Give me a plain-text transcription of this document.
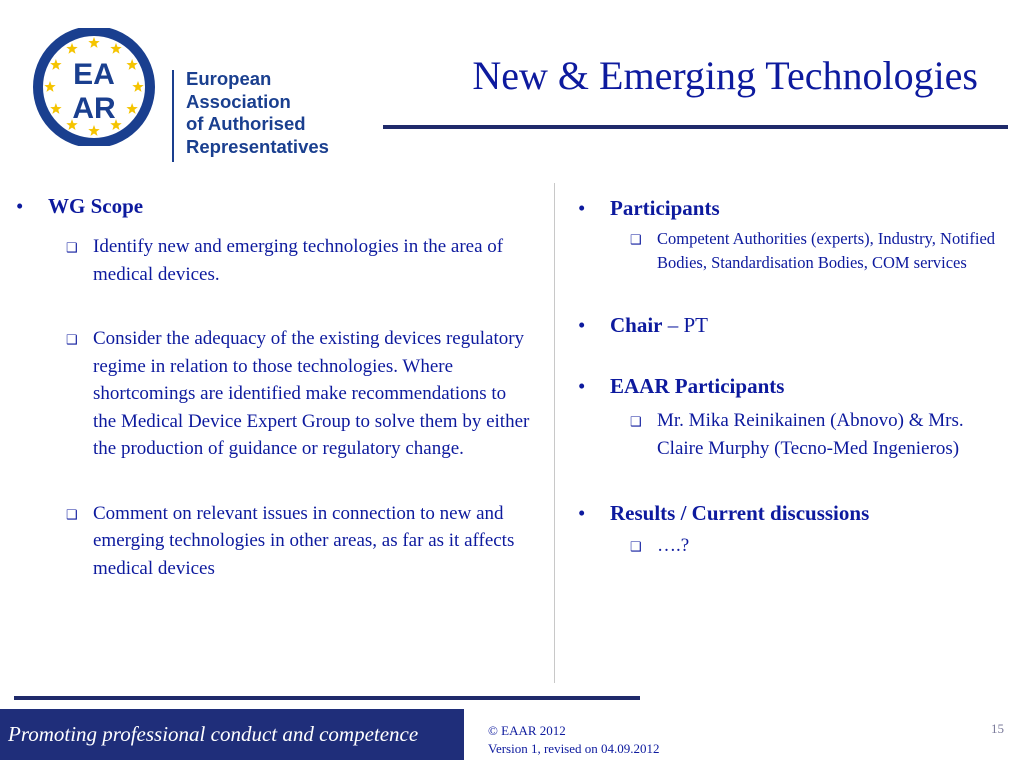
EA
AR
European
Association
of Authorised
Representatives
New & Emerging Technologies
• WG Scope
❑ Identify new and emerging technologies in the area of medical devices.
❑ Consider the adequacy of the existing devices regulatory regime in relation to those technologies. Where shortcomings are identified make recommendations to the Medical Device Expert Group to solve them by either the production of guidance or regulatory change.
❑ Comment on relevant issues in connection to new and emerging technologies in other areas, as far as it affects medical devices
• Participants
❑ Competent Authorities (experts), Industry, Notified Bodies, Standardisation Bodies, COM services
• Chair – PT
• EAAR Participants
❑ Mr. Mika Reinikainen (Abnovo) & Mrs. Claire Murphy (Tecno-Med Ingenieros)
• Results / Current discussions
❑ ….?
Promoting professional conduct and competence	© EAAR 2012
Version 1, revised on 04.09.2012
15
